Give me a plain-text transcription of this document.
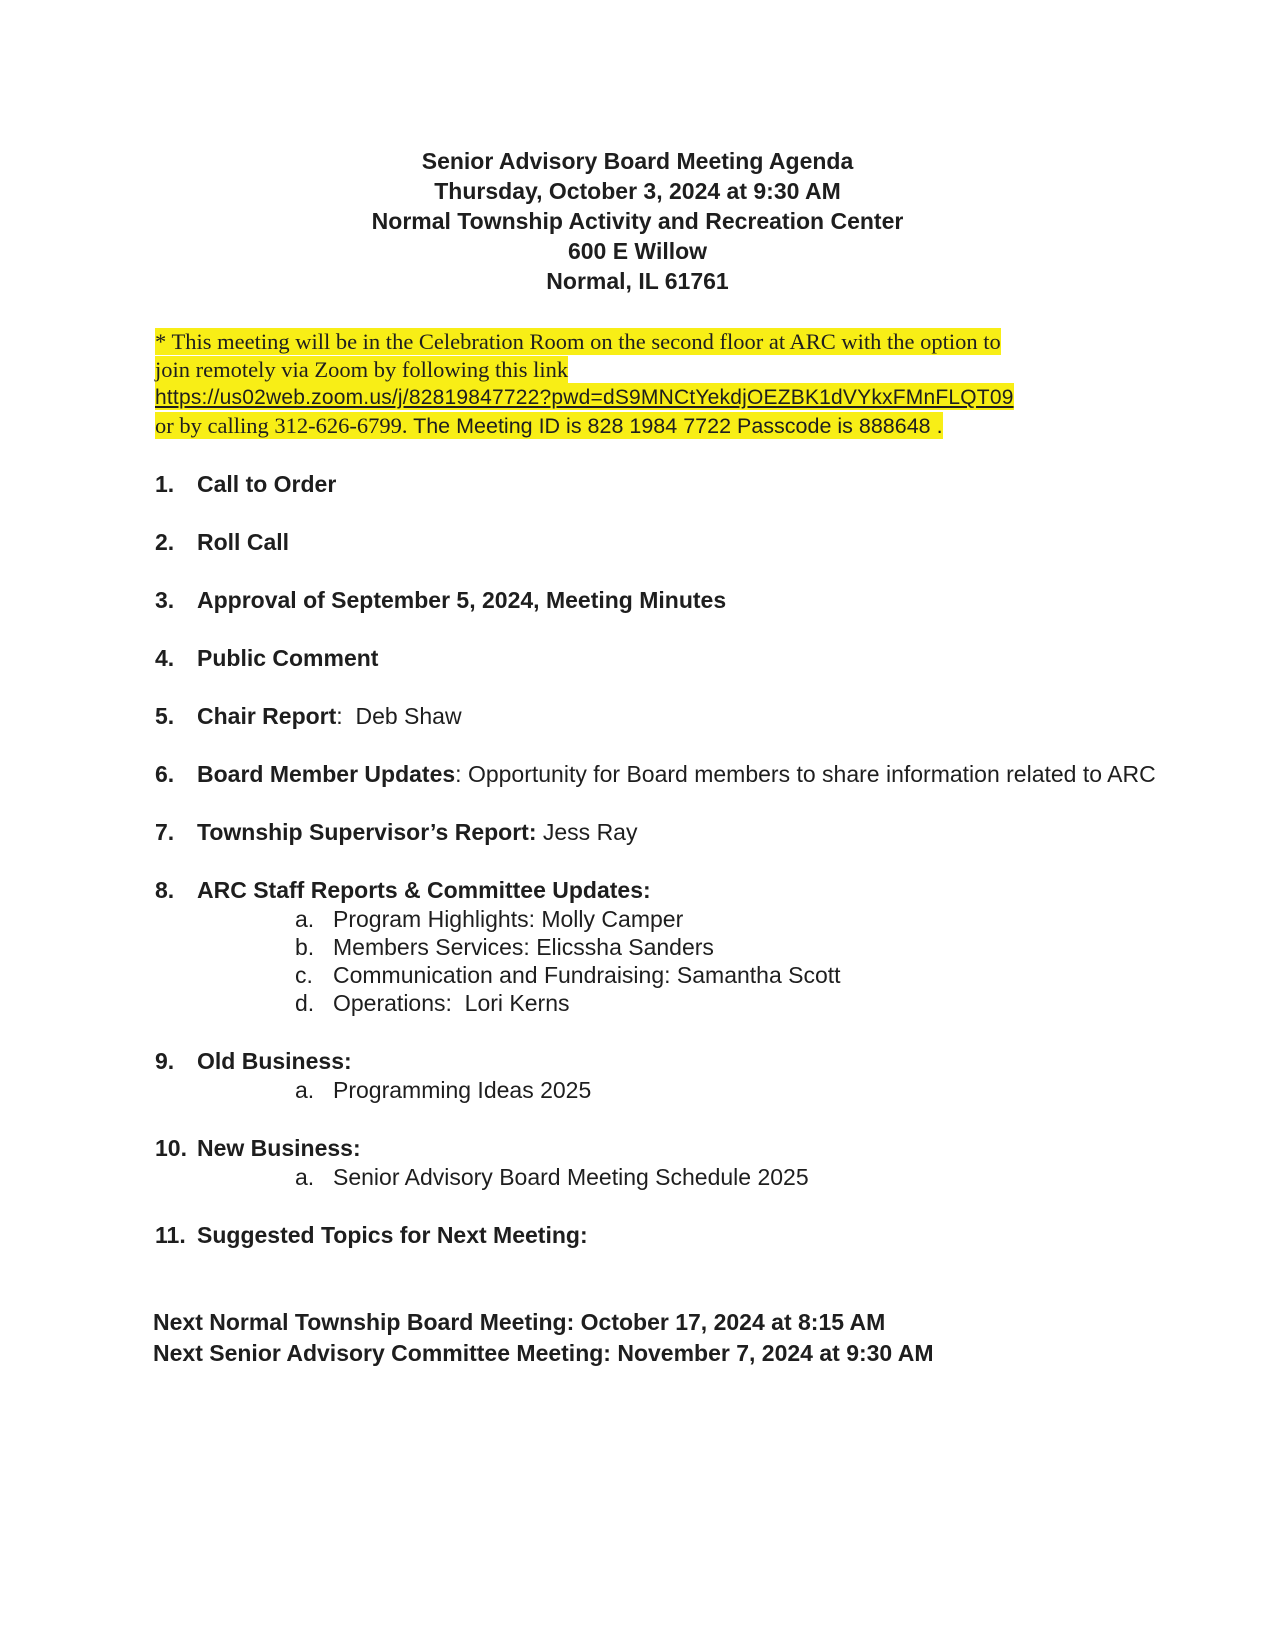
Senior Advisory Board Meeting Agenda
Thursday, October 3, 2024 at 9:30 AM
Normal Township Activity and Recreation Center
600 E Willow
Normal, IL 61761
* This meeting will be in the Celebration Room on the second floor at ARC with the option to join remotely via Zoom by following this link
https://us02web.zoom.us/j/82819847722?pwd=dS9MNCtYekdjOEZBK1dVYkxFMnFLQT09
or by calling 312-626-6799. The Meeting ID is 828 1984 7722 Passcode is 888648 .
1. Call to Order
2. Roll Call
3. Approval of September 5, 2024, Meeting Minutes
4. Public Comment
5. Chair Report:  Deb Shaw
6. Board Member Updates: Opportunity for Board members to share information related to ARC
7. Township Supervisor’s Report: Jess Ray
8. ARC Staff Reports & Committee Updates:
a. Program Highlights: Molly Camper
b. Members Services: Elicssha Sanders
c. Communication and Fundraising: Samantha Scott
d. Operations:  Lori Kerns
9. Old Business:
a. Programming Ideas 2025
10. New Business:
a. Senior Advisory Board Meeting Schedule 2025
11. Suggested Topics for Next Meeting:
Next Normal Township Board Meeting: October 17, 2024 at 8:15 AM
Next Senior Advisory Committee Meeting: November 7, 2024 at 9:30 AM
